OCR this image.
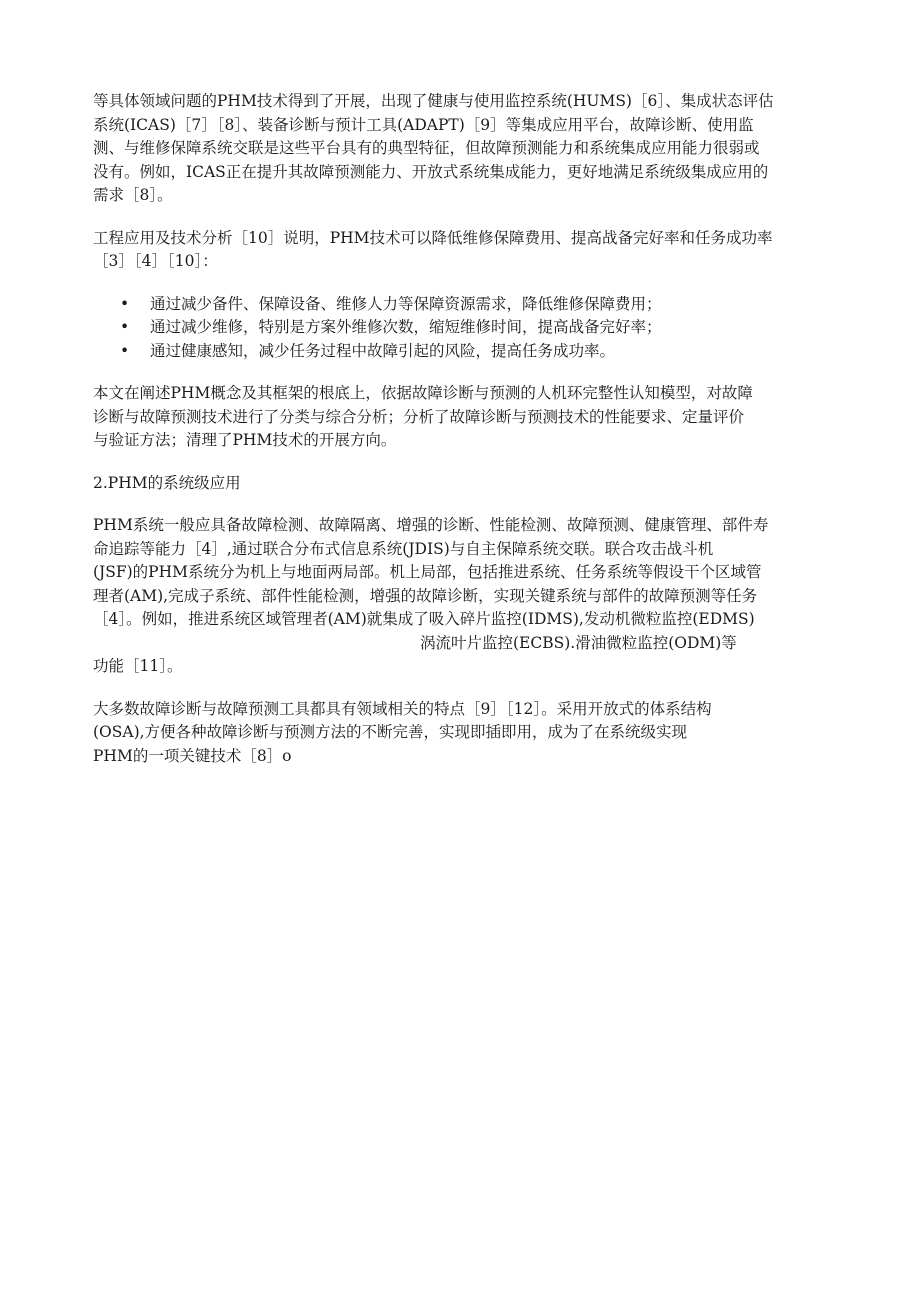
等具体领域问题的PHM技术得到了开展，出现了健康与使用监控系统(HUMS)［6］、集成状态评估
系统(ICAS)［7］［8］、装备诊断与预计工具(ADAPT)［9］等集成应用平台，故障诊断、使用监
测、与维修保障系统交联是这些平台具有的典型特征，但故障预测能力和系统集成应用能力很弱或
没有。例如，ICAS正在提升其故障预测能力、开放式系统集成能力，更好地满足系统级集成应用的
需求［8］。

工程应用及技术分析［10］说明，PHM技术可以降低维修保障费用、提高战备完好率和任务成功率
［3］［4］［10］：

• 通过减少备件、保障设备、维修人力等保障资源需求，降低维修保障费用；
• 通过减少维修，特别是方案外维修次数，缩短维修时间，提高战备完好率；
• 通过健康感知，减少任务过程中故障引起的风险，提高任务成功率。

本文在阐述PHM概念及其框架的根底上，依据故障诊断与预测的人机环完整性认知模型，对故障
诊断与故障预测技术进行了分类与综合分析；分析了故障诊断与预测技术的性能要求、定量评价
与验证方法；清理了PHM技术的开展方向。

2.PHM的系统级应用

PHM系统一般应具备故障检测、故障隔离、增强的诊断、性能检测、故障预测、健康管理、部件寿
命追踪等能力［4］,通过联合分布式信息系统(JDIS)与自主保障系统交联。联合攻击战斗机
(JSF)的PHM系统分为机上与地面两局部。机上局部，包括推进系统、任务系统等假设干个区域管
理者(AM),完成子系统、部件性能检测，增强的故障诊断，实现关键系统与部件的故障预测等任务
［4］。例如，推进系统区域管理者(AM)就集成了吸入碎片监控(IDMS),发动机微粒监控(EDMS)
涡流叶片监控(ECBS).滑油微粒监控(ODM)等
功能［11］。

大多数故障诊断与故障预测工具都具有领域相关的特点［9］［12］。采用开放式的体系结构
(OSA),方便各种故障诊断与预测方法的不断完善，实现即插即用，成为了在系统级实现
PHM的一项关键技术［8］o
